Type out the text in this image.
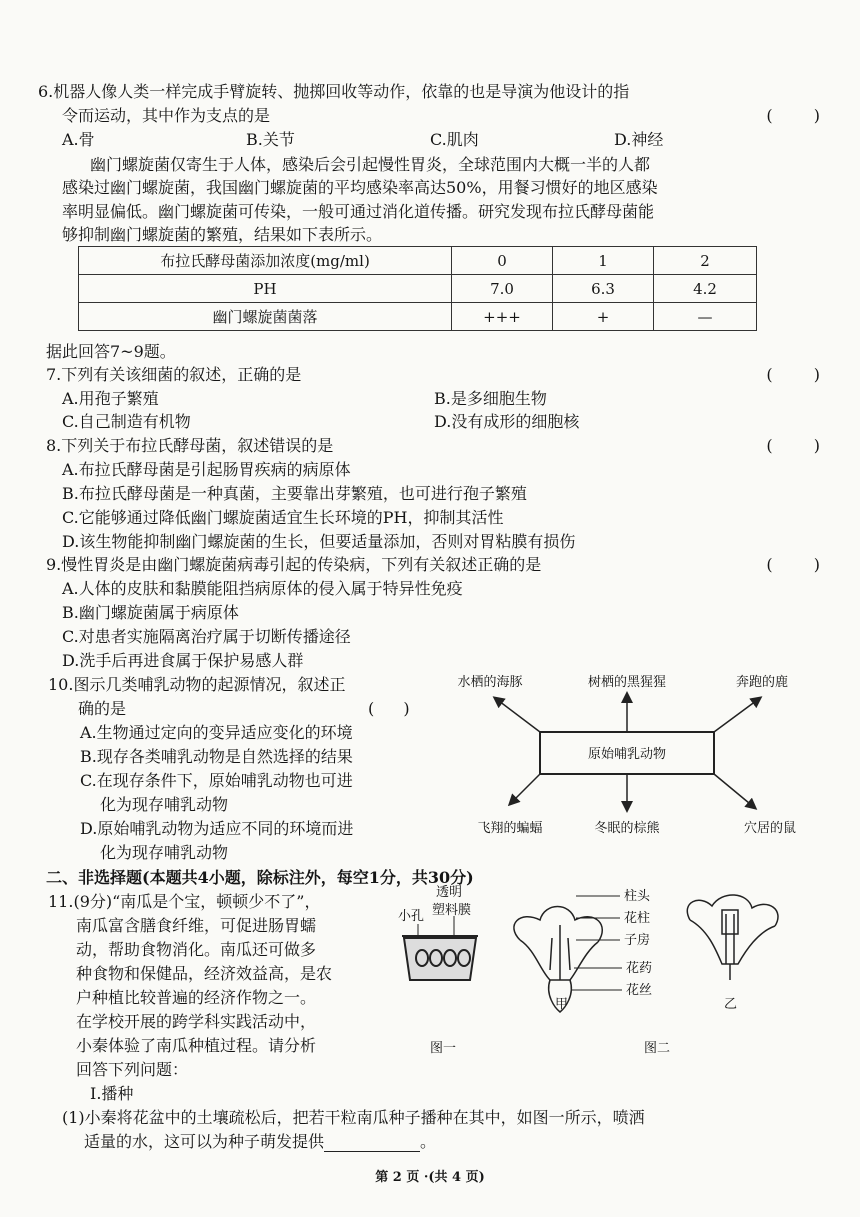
6.机器人像人类一样完成手臂旋转、抛掷回收等动作，依靠的也是导演为他设计的指
令而运动，其中作为支点的是	( )
A.骨	B.关节	C.肌肉	D.神经
幽门螺旋菌仅寄生于人体，感染后会引起慢性胃炎，全球范围内大概一半的人都
感染过幽门螺旋菌，我国幽门螺旋菌的平均感染率高达50%，用餐习惯好的地区感染
率明显偏低。幽门螺旋菌可传染，一般可通过消化道传播。研究发现布拉氏酵母菌能
够抑制幽门螺旋菌的繁殖，结果如下表所示。
布拉氏酵母菌添加浓度(mg/ml)	0	1	2
PH	7.0	6.3	4.2
幽门螺旋菌菌落	+++	+	—
据此回答7~9题。
7.下列有关该细菌的叙述，正确的是	( )
A.用孢子繁殖	B.是多细胞生物
C.自己制造有机物	D.没有成形的细胞核
8.下列关于布拉氏酵母菌，叙述错误的是	( )
A.布拉氏酵母菌是引起肠胃疾病的病原体
B.布拉氏酵母菌是一种真菌，主要靠出芽繁殖，也可进行孢子繁殖
C.它能够通过降低幽门螺旋菌适宜生长环境的PH，抑制其活性
D.该生物能抑制幽门螺旋菌的生长，但要适量添加，否则对胃粘膜有损伤
9.慢性胃炎是由幽门螺旋菌病毒引起的传染病，下列有关叙述正确的是	( )
A.人体的皮肤和黏膜能阻挡病原体的侵入属于特异性免疫
B.幽门螺旋菌属于病原体
C.对患者实施隔离治疗属于切断传播途径
D.洗手后再进食属于保护易感人群
10.图示几类哺乳动物的起源情况，叙述正
确的是	( )
A.生物通过定向的变异适应变化的环境
B.现存各类哺乳动物是自然选择的结果
C.在现存条件下，原始哺乳动物也可进
化为现存哺乳动物
D.原始哺乳动物为适应不同的环境而进
化为现存哺乳动物
原始哺乳动物
水栖的海豚	树栖的黑猩猩	奔跑的鹿
飞翔的蝙蝠	冬眠的棕熊	穴居的鼠
二、非选择题(本题共4小题，除标注外，每空1分，共30分)
11.(9分)“南瓜是个宝，顿顿少不了”，
南瓜富含膳食纤维，可促进肠胃蠕
动，帮助食物消化。南瓜还可做多
种食物和保健品，经济效益高，是农
户种植比较普遍的经济作物之一。
在学校开展的跨学科实践活动中，
小秦体验了南瓜种植过程。请分析
回答下列问题：
Ⅰ.播种
(1)小秦将花盆中的土壤疏松后，把若干粒南瓜种子播种在其中，如图一所示，喷洒
适量的水，这可以为种子萌发提供	。
小孔
透明
塑料膜
图一
柱头
花柱
子房
花药
花丝
甲	乙
图二
第 2 页 ·(共 4 页)
